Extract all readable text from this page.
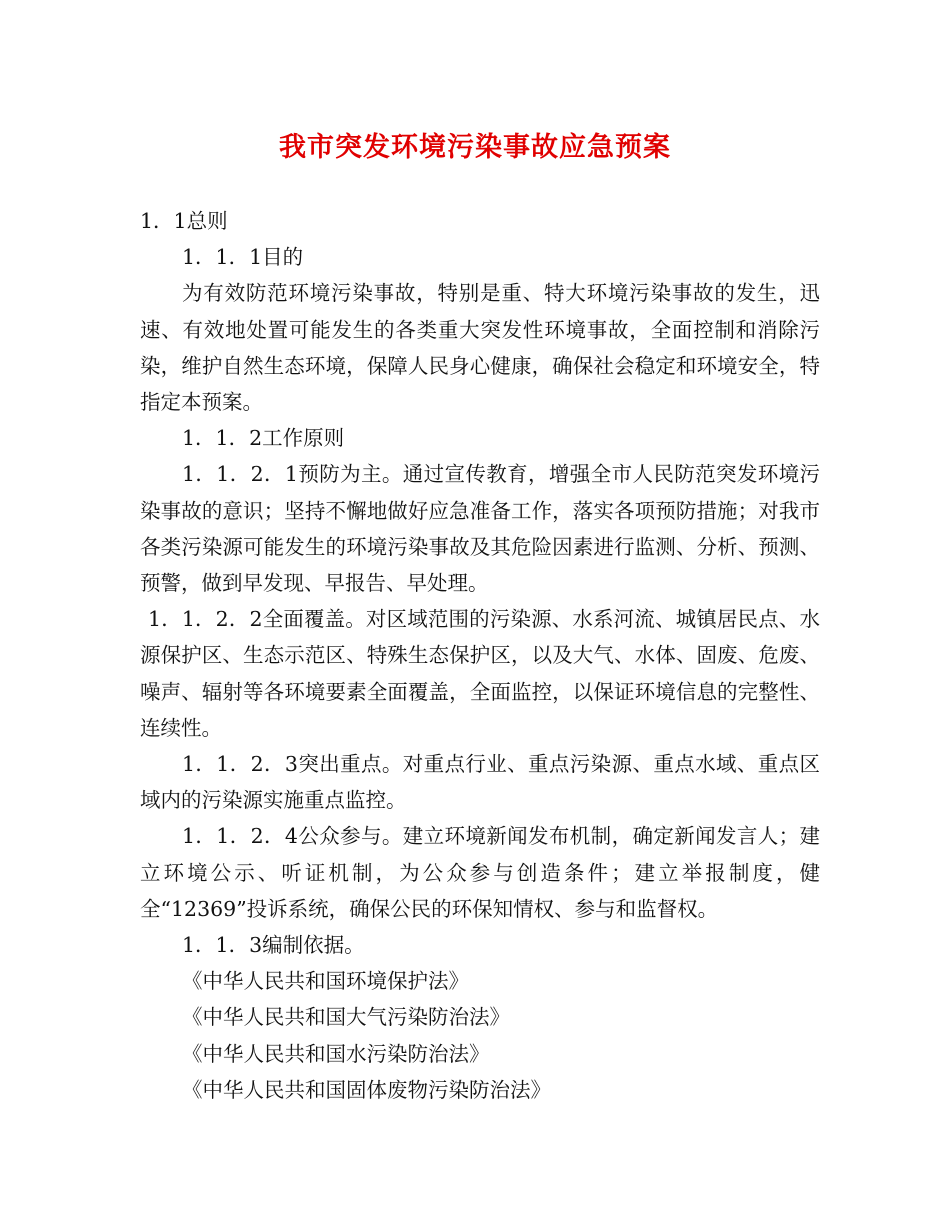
我市突发环境污染事故应急预案

1．1总则

1．1．1目的

为有效防范环境污染事故，特别是重、特大环境污染事故的发生，迅速、有效地处置可能发生的各类重大突发性环境事故，全面控制和消除污染，维护自然生态环境，保障人民身心健康，确保社会稳定和环境安全，特指定本预案。

1．1．2工作原则

1．1．2．1预防为主。通过宣传教育，增强全市人民防范突发环境污染事故的意识；坚持不懈地做好应急准备工作，落实各项预防措施；对我市各类污染源可能发生的环境污染事故及其危险因素进行监测、分析、预测、预警，做到早发现、早报告、早处理。

1．1．2．2全面覆盖。对区域范围的污染源、水系河流、城镇居民点、水源保护区、生态示范区、特殊生态保护区，以及大气、水体、固废、危废、噪声、辐射等各环境要素全面覆盖，全面监控，以保证环境信息的完整性、连续性。

1．1．2．3突出重点。对重点行业、重点污染源、重点水域、重点区域内的污染源实施重点监控。

1．1．2．4公众参与。建立环境新闻发布机制，确定新闻发言人；建立环境公示、听证机制，为公众参与创造条件；建立举报制度，健全“12369”投诉系统，确保公民的环保知情权、参与和监督权。

1．1．3编制依据。

《中华人民共和国环境保护法》

《中华人民共和国大气污染防治法》

《中华人民共和国水污染防治法》

《中华人民共和国固体废物污染防治法》
